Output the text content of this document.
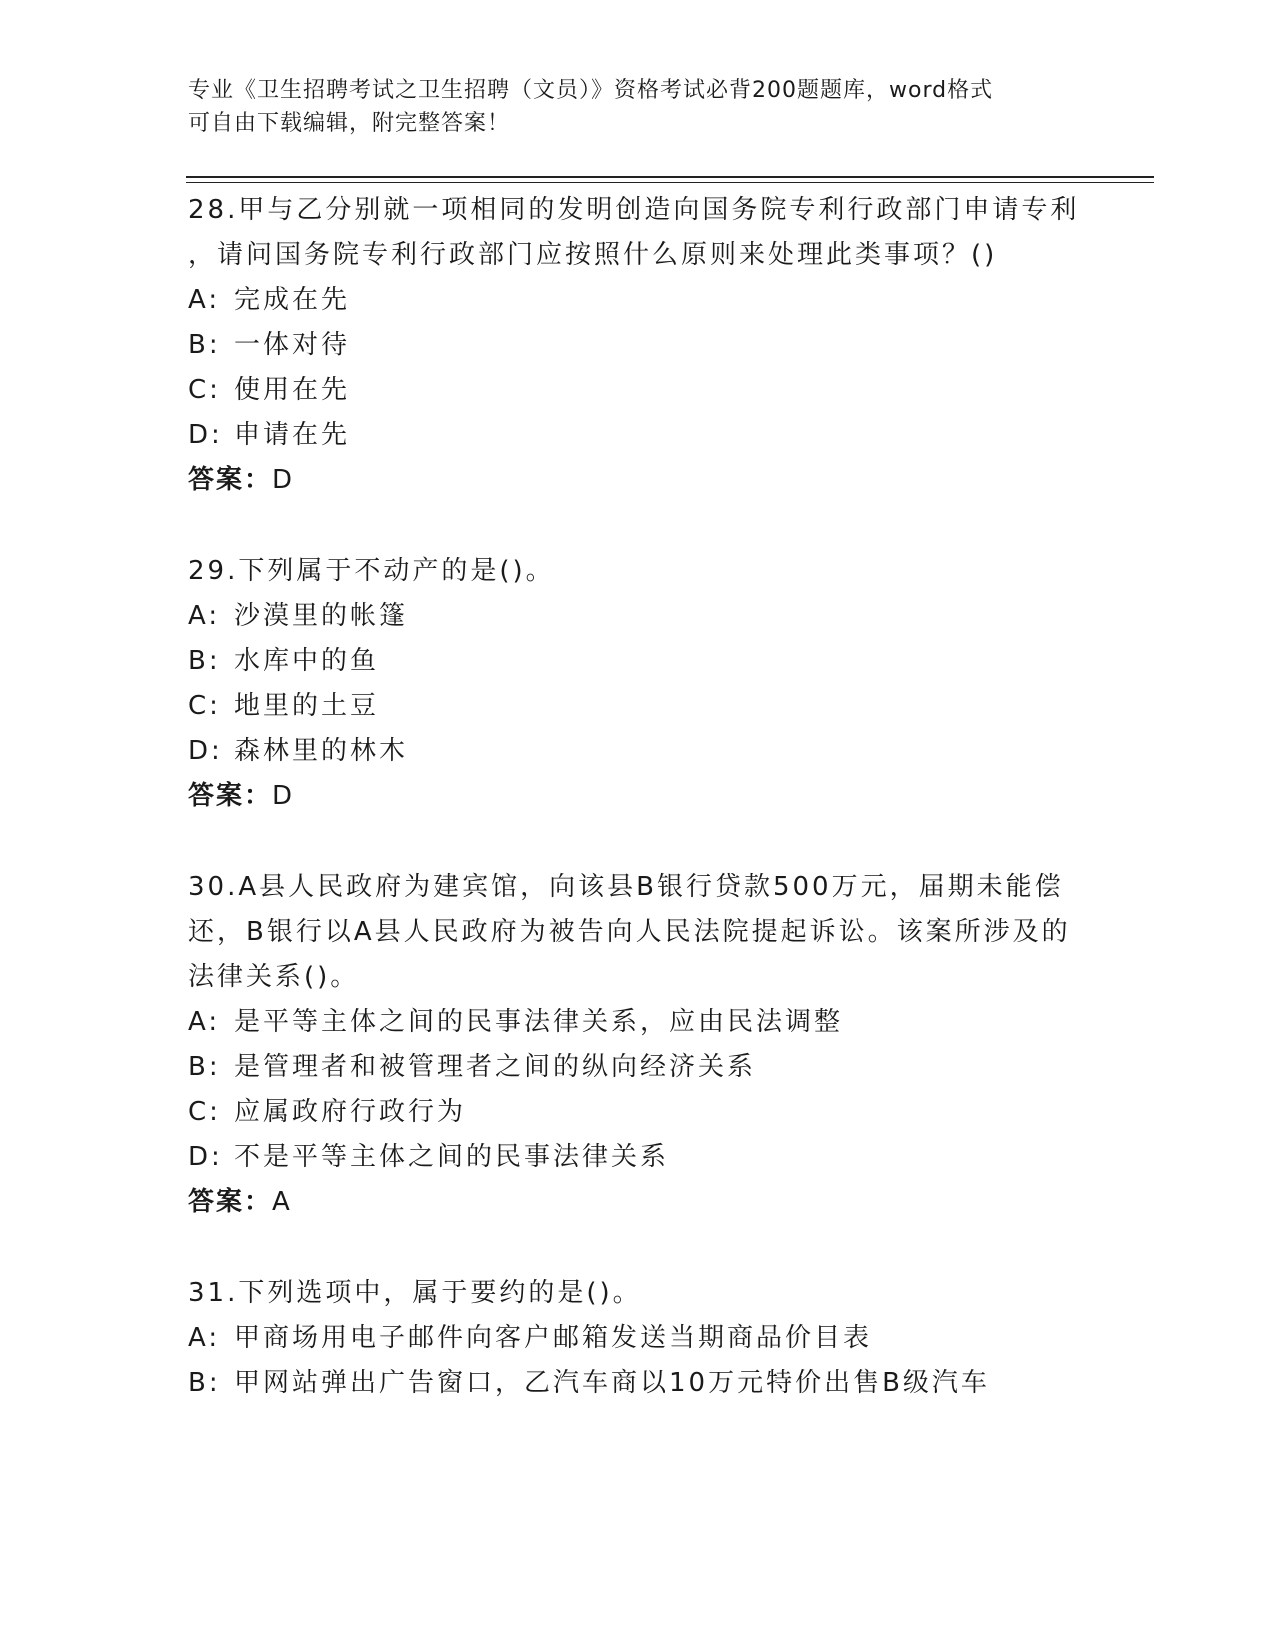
专业《卫生招聘考试之卫生招聘（文员）》资格考试必背200题题库，word格式
可自由下载编辑，附完整答案！
28.甲与乙分别就一项相同的发明创造向国务院专利行政部门申请专利
，请问国务院专利行政部门应按照什么原则来处理此类事项？()
A: 完成在先
B: 一体对待
C: 使用在先
D: 申请在先
答案：D
29.下列属于不动产的是()。
A: 沙漠里的帐篷
B: 水库中的鱼
C: 地里的土豆
D: 森林里的林木
答案：D
30.A县人民政府为建宾馆，向该县B银行贷款500万元，届期未能偿
还，B银行以A县人民政府为被告向人民法院提起诉讼。该案所涉及的
法律关系()。
A: 是平等主体之间的民事法律关系，应由民法调整
B: 是管理者和被管理者之间的纵向经济关系
C: 应属政府行政行为
D: 不是平等主体之间的民事法律关系
答案：A
31.下列选项中，属于要约的是()。
A: 甲商场用电子邮件向客户邮箱发送当期商品价目表
B: 甲网站弹出广告窗口，乙汽车商以10万元特价出售B级汽车
